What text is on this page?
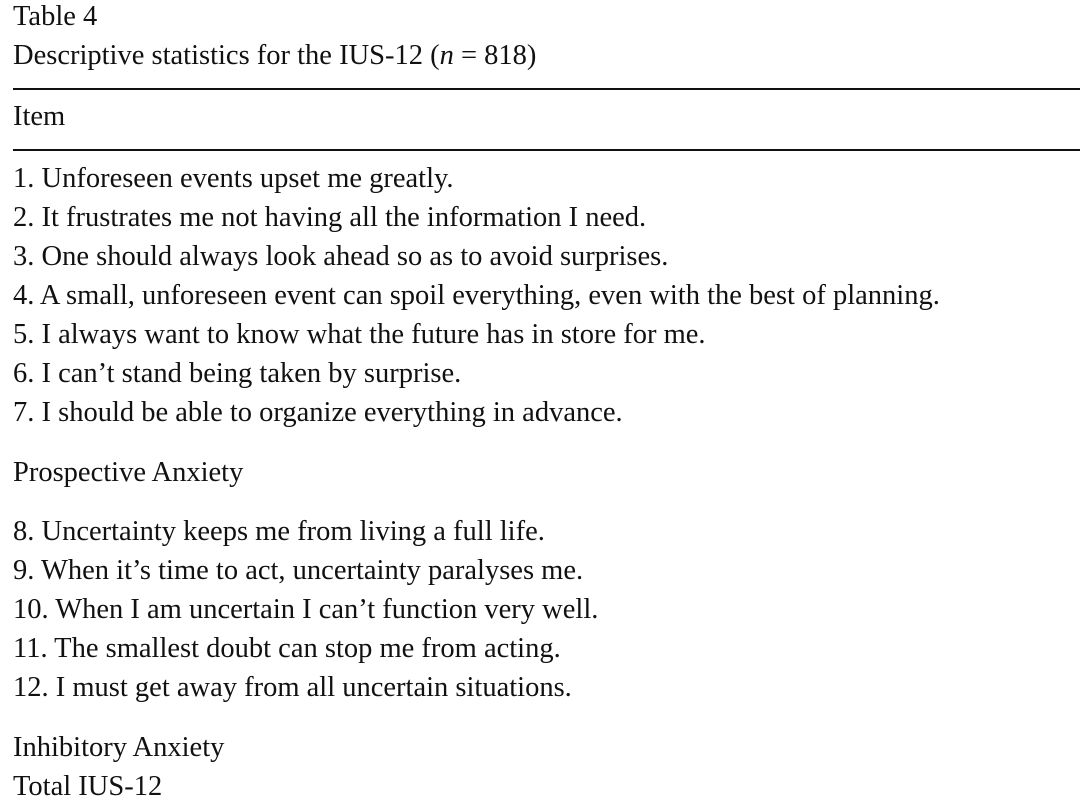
Table 4
Descriptive statistics for the IUS-12 (n = 818)
Item
1. Unforeseen events upset me greatly.
2. It frustrates me not having all the information I need.
3. One should always look ahead so as to avoid surprises.
4. A small, unforeseen event can spoil everything, even with the best of planning.
5. I always want to know what the future has in store for me.
6. I can’t stand being taken by surprise.
7. I should be able to organize everything in advance.
Prospective Anxiety
8. Uncertainty keeps me from living a full life.
9. When it’s time to act, uncertainty paralyses me.
10. When I am uncertain I can’t function very well.
11. The smallest doubt can stop me from acting.
12. I must get away from all uncertain situations.
Inhibitory Anxiety
Total IUS-12
